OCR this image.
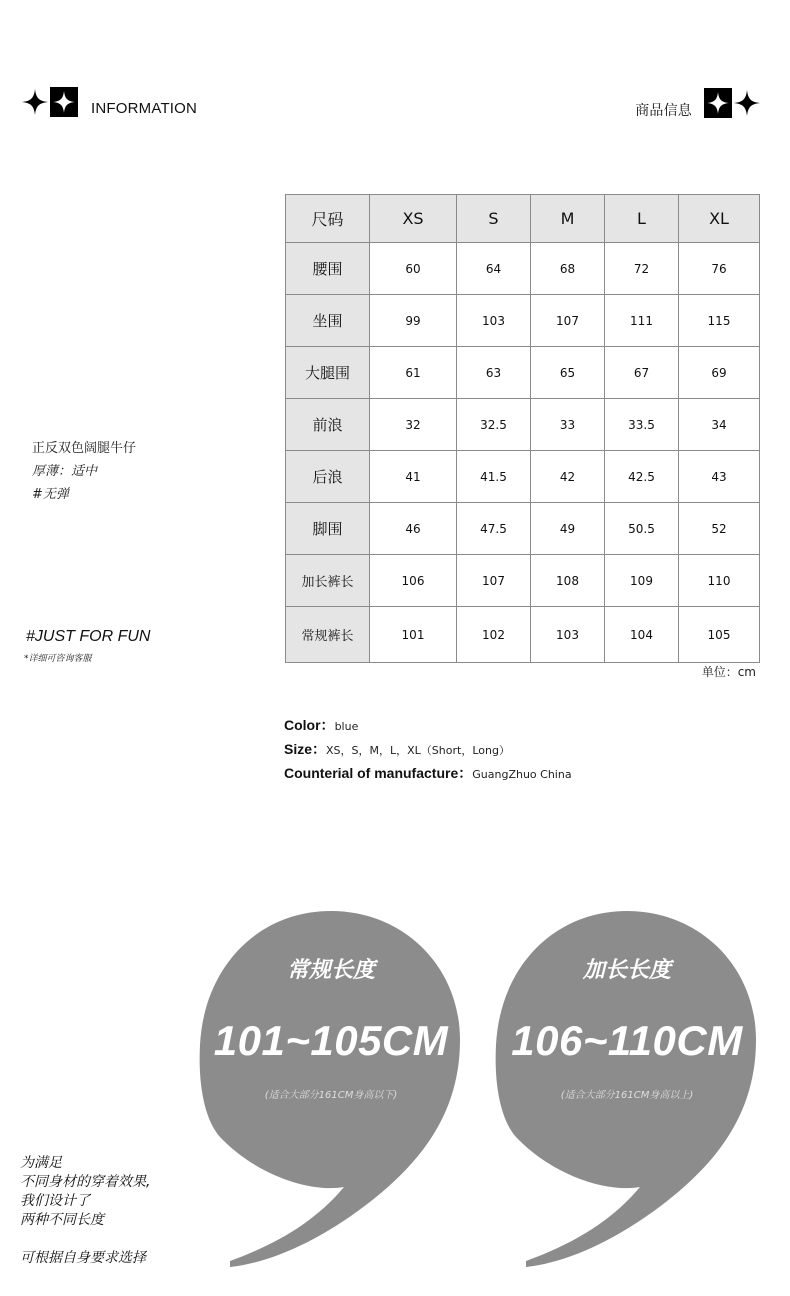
INFORMATION	商品信息
正反双色阔腿牛仔
厚薄：适中
#无弹
#JUST FOR FUN
*详细可咨询客服
尺码	XS	S	M	L	XL
腰围	60	64	68	72	76
坐围	99	103	107	111	115
大腿围	61	63	65	67	69
前浪	32	32.5	33	33.5	34
后浪	41	41.5	42	42.5	43
脚围	46	47.5	49	50.5	52
加长裤长	106	107	108	109	110
常规裤长	101	102	103	104	105
单位：cm
Color：blue
Size：XS，S，M，L，XL（Short，Long）
Counterial of manufacture：GuangZhuo China
常规长度
101~105CM
(适合大部分161CM身高以下)
加长长度
106~110CM
(适合大部分161CM身高以上)
为满足
不同身材的穿着效果,
我们设计了
两种不同长度
可根据自身要求选择
